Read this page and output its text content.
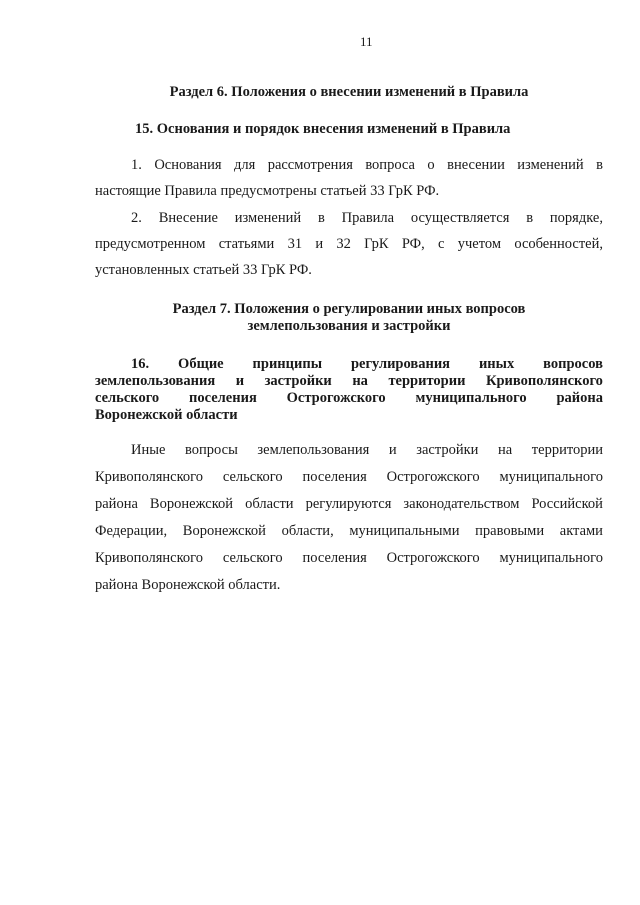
11
Раздел 6. Положения о внесении изменений в Правила
15. Основания и порядок внесения изменений в Правила
1. Основания для рассмотрения вопроса о внесении изменений в
настоящие Правила предусмотрены статьей 33 ГрК РФ.
2. Внесение изменений в Правила осуществляется в порядке,
предусмотренном статьями 31 и 32 ГрК РФ, с учетом особенностей,
установленных статьей 33 ГрК РФ.
Раздел 7. Положения о регулировании иных вопросов
землепользования и застройки
16. Общие принципы регулирования иных вопросов
землепользования и застройки на территории Кривополянского
сельского поселения Острогожского муниципального района
Воронежской области
Иные вопросы землепользования и застройки на территории
Кривополянского сельского поселения Острогожского муниципального
района Воронежской области регулируются законодательством Российской
Федерации, Воронежской области, муниципальными правовыми актами
Кривополянского сельского поселения Острогожского муниципального
района Воронежской области.
